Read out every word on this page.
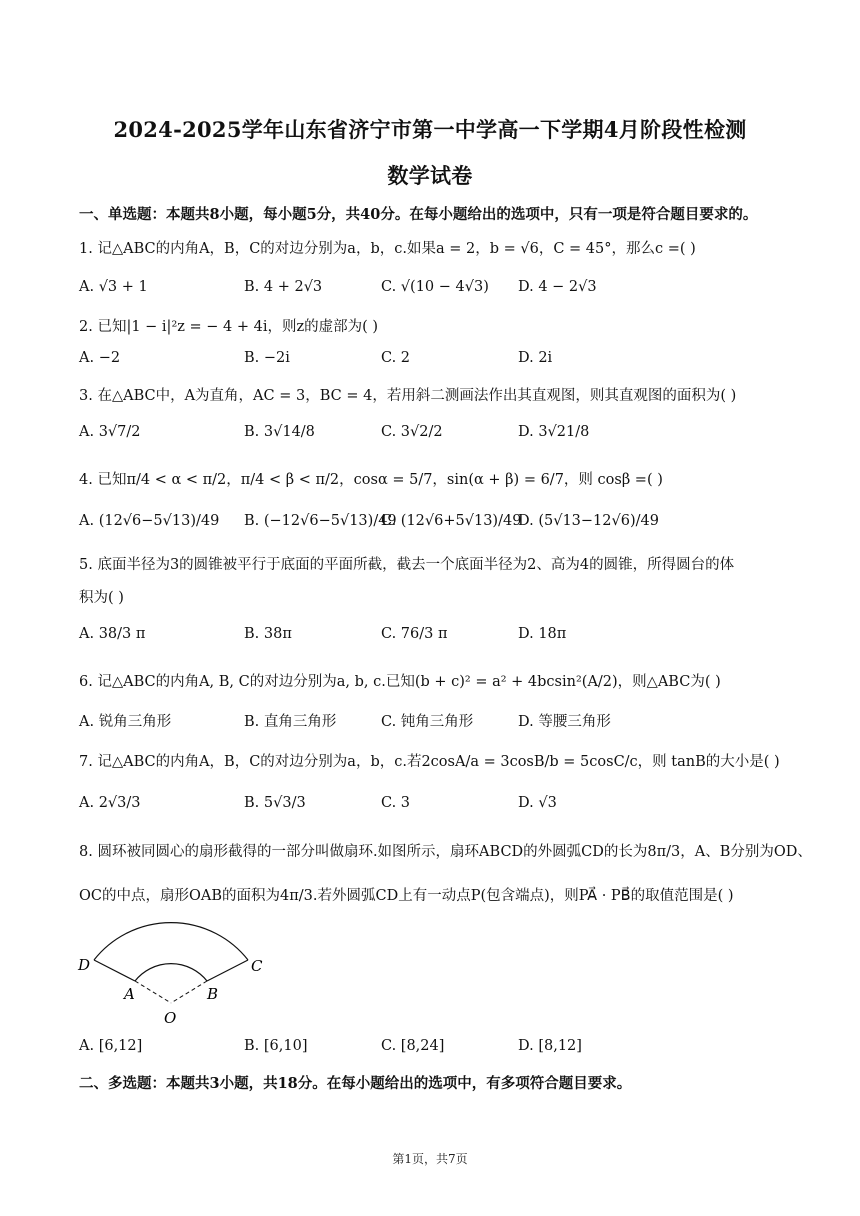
2024-2025学年山东省济宁市第一中学高一下学期4月阶段性检测
数学试卷
一、单选题：本题共8小题，每小题5分，共40分。在每小题给出的选项中，只有一项是符合题目要求的。
1. 记△ABC的内角A，B，C的对边分别为a，b，c.如果a = 2，b = √6，C = 45°，那么c =( )
A. √3 + 1	B. 4 + 2√3	C. √(10 − 4√3) D. 4 − 2√3
2. 已知|1 − i|²z = − 4 + 4i，则z的虚部为( )
A. −2	B. −2i	C. 2	D. 2i
3. 在△ABC中，A为直角，AC = 3，BC = 4，若用斜二测画法作出其直观图，则其直观图的面积为( )
A. 3√7/2	B. 3√14/8	C. 3√2/2	D. 3√21/8
4. 已知π/4 < α < π/2，π/4 < β < π/2，cosα = 5/7，sin(α + β) = 6/7，则 cosβ =( )
A. (12√6−5√13)/49 B. (−12√6−5√13)/49
C. (12√6+5√13)/49
D. (5√13−12√6)/49
5. 底面半径为3的圆锥被平行于底面的平面所截，截去一个底面半径为2、高为4的圆锥，所得圆台的体
积为( )
A. 38/3 π	B. 38π	C. 76/3 π	D. 18π
6. 记△ABC的内角A, B, C的对边分别为a, b, c.已知(b + c)² = a² + 4bcsin²(A/2)，则△ABC为( )
A. 锐角三角形	B. 直角三角形	C. 钝角三角形	D. 等腰三角形
7. 记△ABC的内角A，B，C的对边分别为a，b，c.若2cosA/a = 3cosB/b = 5cosC/c，则 tanB的大小是( )
A. 2√3/3	B. 5√3/3	C. 3	D. √3
8. 圆环被同圆心的扇形截得的一部分叫做扇环.如图所示，扇环ABCD的外圆弧CD的长为8π/3，A、B分别为OD、
OC的中点，扇形OAB的面积为4π/3.若外圆弧CD上有一动点P(包含端点)，则PA⃗ · PB⃗的取值范围是( )
D	C
A	B
O
A. [6,12]	B. [6,10]	C. [8,24]	D. [8,12]
二、多选题：本题共3小题，共18分。在每小题给出的选项中，有多项符合题目要求。
第1页，共7页
